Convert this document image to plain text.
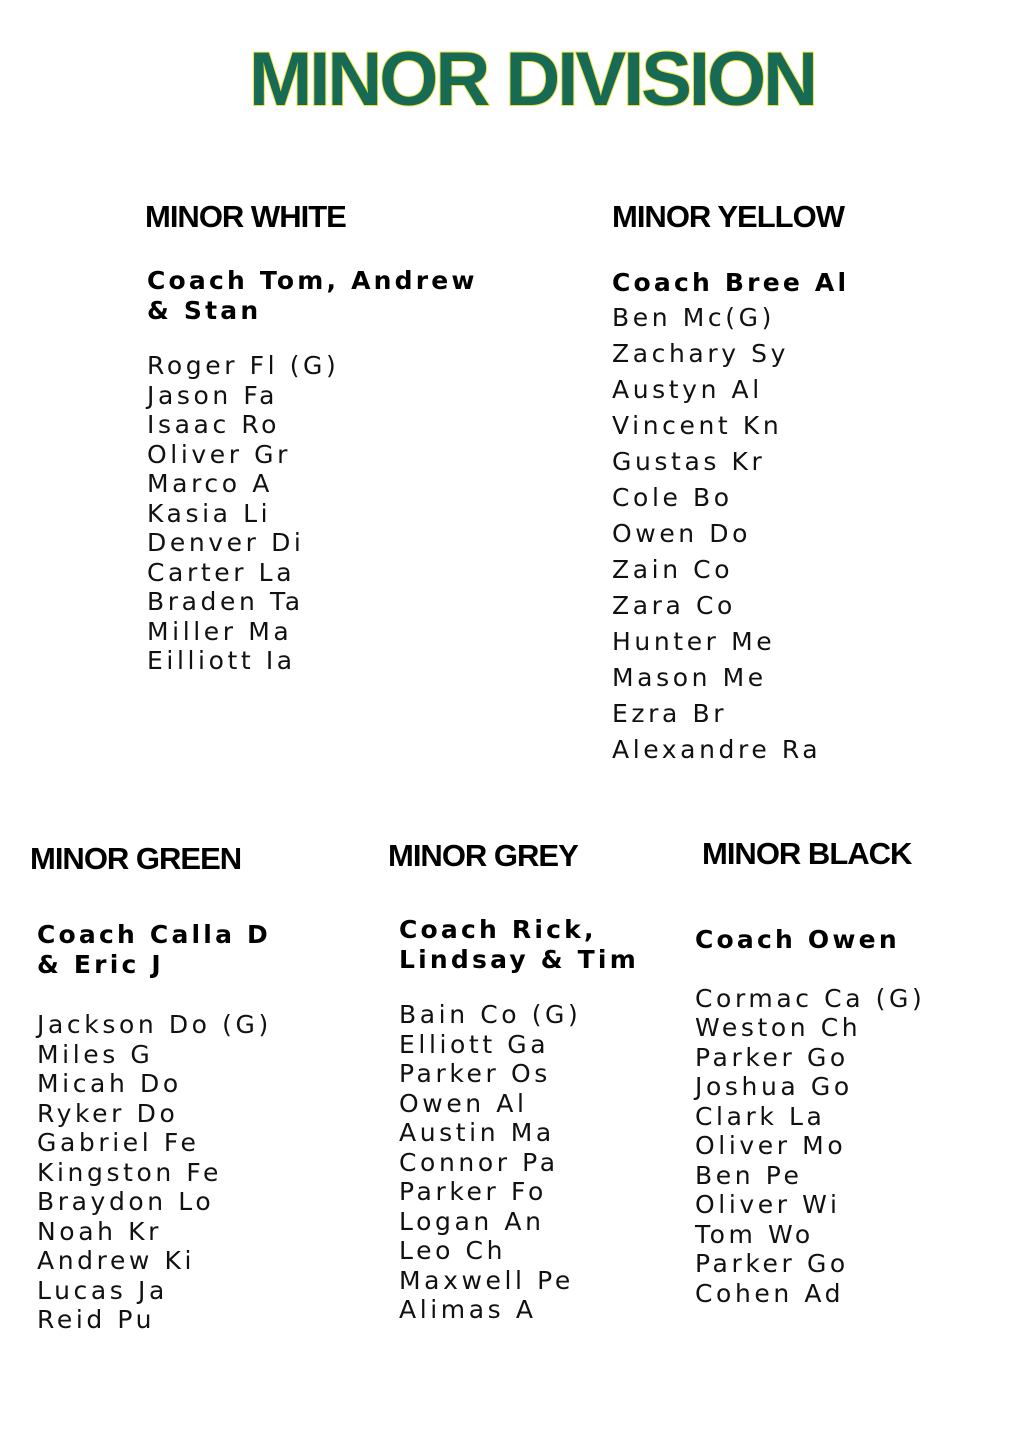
MINOR DIVISION
MINOR WHITE

Coach Tom, Andrew
& Stan

Roger Fl (G)
Jason Fa
Isaac Ro
Oliver Gr
Marco A
Kasia Li
Denver Di
Carter La
Braden Ta
Miller Ma
Eilliott Ia
MINOR YELLOW

Coach Bree Al

Ben Mc(G)
Zachary Sy
Austyn Al
Vincent Kn
Gustas Kr
Cole Bo
Owen Do
Zain Co
Zara Co
Hunter Me
Mason Me
Ezra Br
Alexandre Ra
MINOR GREEN

Coach Calla D
& Eric J

Jackson Do (G)
Miles G
Micah Do
Ryker Do
Gabriel Fe
Kingston Fe
Braydon Lo
Noah Kr
Andrew Ki
Lucas Ja
Reid Pu
MINOR GREY

Coach Rick,
Lindsay & Tim

Bain Co (G)
Elliott Ga
Parker Os
Owen Al
Austin Ma
Connor Pa
Parker Fo
Logan An
Leo Ch
Maxwell Pe
Alimas A
MINOR BLACK

Coach Owen

Cormac Ca (G)
Weston Ch
Parker Go
Joshua Go
Clark La
Oliver Mo
Ben Pe
Oliver Wi
Tom Wo
Parker Go
Cohen Ad
